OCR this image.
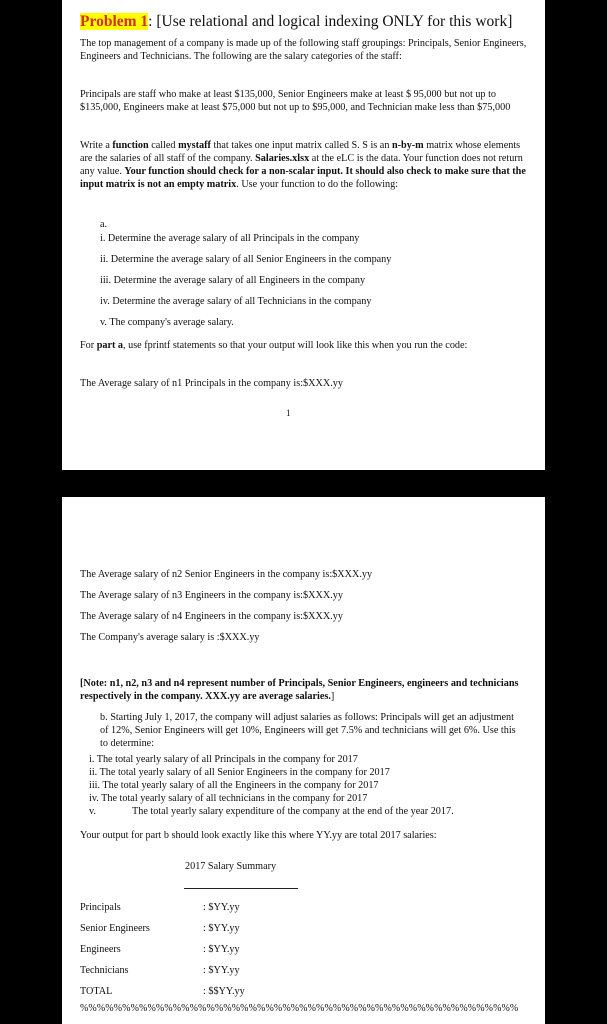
Problem 1: [Use relational and logical indexing ONLY for this work]

The top management of a company is made up of the following staff groupings: Principals, Senior Engineers, Engineers and Technicians. The following are the salary categories of the staff:

Principals are staff who make at least $135,000, Senior Engineers make at least $ 95,000 but not up to $135,000, Engineers make at least $75,000 but not up to $95,000, and Technician make less than $75,000

Write a function called mystaff that takes one input matrix called S. S is an n-by-m matrix whose elements are the salaries of all staff of the company. Salaries.xlsx at the eLC is the data. Your function does not return any value. Your function should check for a non-scalar input. It should also check to make sure that the input matrix is not an empty matrix. Use your function to do the following:

a.

i. Determine the average salary of all Principals in the company

ii. Determine the average salary of all Senior Engineers in the company

iii. Determine the average salary of all Engineers in the company

iv. Determine the average salary of all Technicians in the company

v. The company's average salary.

For part a, use fprintf statements so that your output will look like this when you run the code:

The Average salary of n1 Principals in the company is:$XXX.yy

1

The Average salary of n2 Senior Engineers in the company is:$XXX.yy

The Average salary of n3 Engineers in the company is:$XXX.yy

The Average salary of n4 Engineers in the company is:$XXX.yy

The Company's average salary is :$XXX.yy

[Note: n1, n2, n3 and n4 represent number of Principals, Senior Engineers, engineers and technicians respectively in the company. XXX.yy are average salaries.]

b. Starting July 1, 2017, the company will adjust salaries as follows: Principals will get an adjustment of 12%, Senior Engineers will get 10%, Engineers will get 7.5% and technicians will get 6%. Use this to determine:

i. The total yearly salary of all Principals in the company for 2017

ii. The total yearly salary of all Senior Engineers in the company for 2017

iii. The total yearly salary of all the Engineers in the company for 2017

iv. The total yearly salary of all technicians in the company for 2017

v.	The total yearly salary expenditure of the company at the end of the year 2017.

Your output for part b should look exactly like this where YY.yy are total 2017 salaries:

2017 Salary Summary

Principals	: $YY.yy

Senior Engineers	: $YY.yy

Engineers	: $YY.yy

Technicians	: $YY.yy

TOTAL	: $$YY.yy

%%%%%%%%%%%%%%%%%%%%%%%%%%%%%%%%%%%%%%%%%%%%%%%%%%%%
